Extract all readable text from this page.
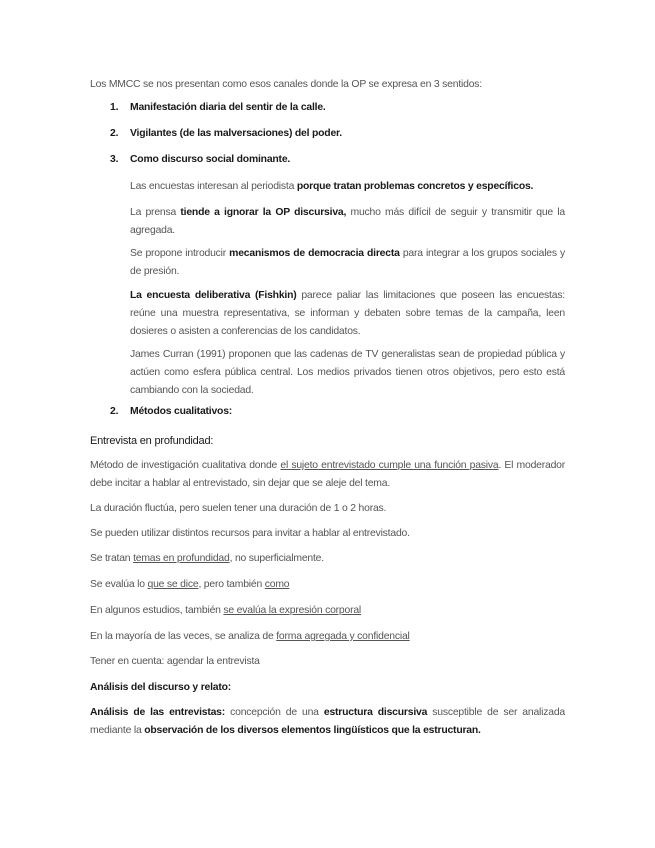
Los MMCC se nos presentan como esos canales donde la OP se expresa en 3 sentidos:

1.	Manifestación diaria del sentir de la calle.
2.	Vigilantes (de las malversaciones) del poder.
3.	Como discurso social dominante.

Las encuestas interesan al periodista porque tratan problemas concretos y específicos.

La prensa tiende a ignorar la OP discursiva, mucho más difícil de seguir y transmitir que la agregada.

Se propone introducir mecanismos de democracia directa para integrar a los grupos sociales y de presión.

La encuesta deliberativa (Fishkin) parece paliar las limitaciones que poseen las encuestas: reúne una muestra representativa, se informan y debaten sobre temas de la campaña, leen dosieres o asisten a conferencias de los candidatos.

James Curran (1991) proponen que las cadenas de TV generalistas sean de propiedad pública y actúen como esfera pública central. Los medios privados tienen otros objetivos, pero esto está cambiando con la sociedad.

2.	Métodos cualitativos:

Entrevista en profundidad:

Método de investigación cualitativa donde el sujeto entrevistado cumple una función pasiva. El moderador debe incitar a hablar al entrevistado, sin dejar que se aleje del tema.

La duración fluctúa, pero suelen tener una duración de 1 o 2 horas.

Se pueden utilizar distintos recursos para invitar a hablar al entrevistado.

Se tratan temas en profundidad, no superficialmente.

Se evalúa lo que se dice, pero también como

En algunos estudios, también se evalúa la expresión corporal

En la mayoría de las veces, se analiza de forma agregada y confidencial

Tener en cuenta: agendar la entrevista

Análisis del discurso y relato:

Análisis de las entrevistas: concepción de una estructura discursiva susceptible de ser analizada mediante la observación de los diversos elementos lingüísticos que la estructuran.
